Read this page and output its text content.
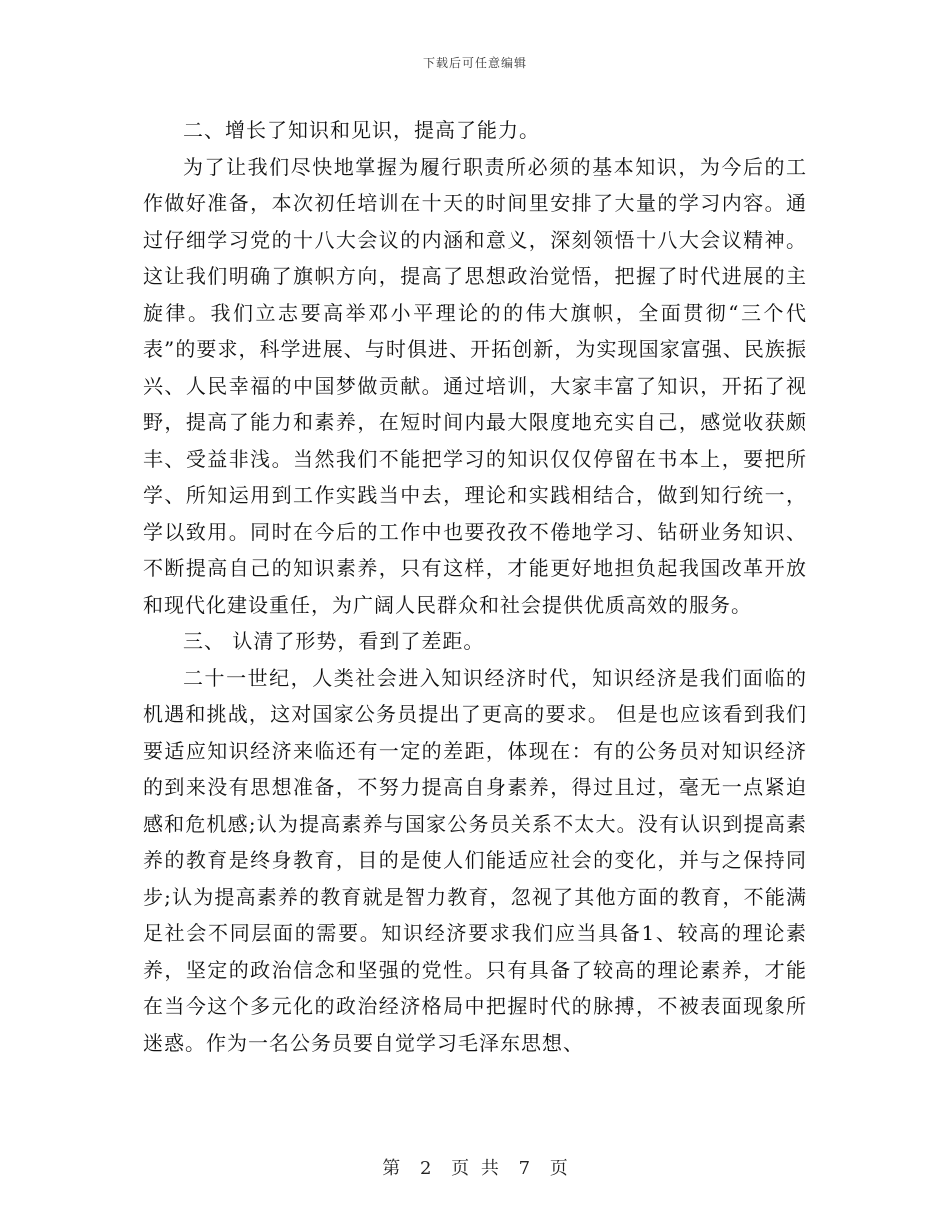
下载后可任意编辑

二、增长了知识和见识，提高了能力。

为了让我们尽快地掌握为履行职责所必须的基本知识，为今后的工作做好准备，本次初任培训在十天的时间里安排了大量的学习内容。通过仔细学习党的十八大会议的内涵和意义，深刻领悟十八大会议精神。这让我们明确了旗帜方向，提高了思想政治觉悟，把握了时代进展的主旋律。我们立志要高举邓小平理论的的伟大旗帜，全面贯彻“三个代表”的要求，科学进展、与时俱进、开拓创新，为实现国家富强、民族振兴、人民幸福的中国梦做贡献。通过培训，大家丰富了知识，开拓了视野，提高了能力和素养，在短时间内最大限度地充实自己，感觉收获颇丰、受益非浅。当然我们不能把学习的知识仅仅停留在书本上，要把所学、所知运用到工作实践当中去，理论和实践相结合，做到知行统一，学以致用。同时在今后的工作中也要孜孜不倦地学习、钻研业务知识、不断提高自己的知识素养，只有这样，才能更好地担负起我国改革开放和现代化建设重任，为广阔人民群众和社会提供优质高效的服务。

三、 认清了形势，看到了差距。

二十一世纪，人类社会进入知识经济时代，知识经济是我们面临的机遇和挑战，这对国家公务员提出了更高的要求。 但是也应该看到我们要适应知识经济来临还有一定的差距，体现在：有的公务员对知识经济的到来没有思想准备，不努力提高自身素养，得过且过，毫无一点紧迫感和危机感;认为提高素养与国家公务员关系不太大。没有认识到提高素养的教育是终身教育，目的是使人们能适应社会的变化，并与之保持同步;认为提高素养的教育就是智力教育，忽视了其他方面的教育，不能满足社会不同层面的需要。知识经济要求我们应当具备1、较高的理论素养，坚定的政治信念和坚强的党性。只有具备了较高的理论素养，才能在当今这个多元化的政治经济格局中把握时代的脉搏，不被表面现象所迷惑。作为一名公务员要自觉学习毛泽东思想、

第 2 页 共 7 页
